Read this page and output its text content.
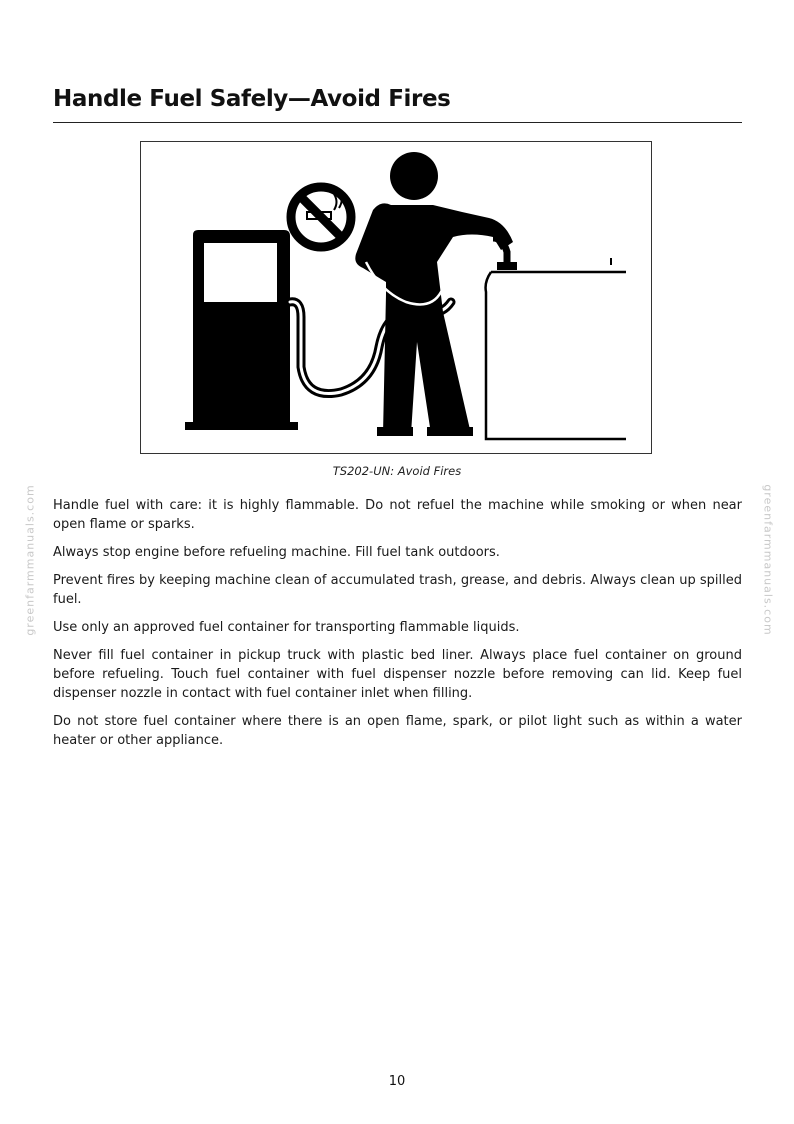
Handle Fuel Safely—Avoid Fires
TS202-UN: Avoid Fires

Handle fuel with care: it is highly flammable. Do not refuel the machine while smoking or when near open flame or sparks.

Always stop engine before refueling machine. Fill fuel tank outdoors.

Prevent fires by keeping machine clean of accumulated trash, grease, and debris. Always clean up spilled fuel.

Use only an approved fuel container for transporting flammable liquids.

Never fill fuel container in pickup truck with plastic bed liner. Always place fuel container on ground before refueling. Touch fuel container with fuel dispenser nozzle before removing can lid. Keep fuel dispenser nozzle in contact with fuel container inlet when filling.

Do not store fuel container where there is an open flame, spark, or pilot light such as within a water heater or other appliance.

greenfarmmanuals.com	greenfarmmanuals.com
10
